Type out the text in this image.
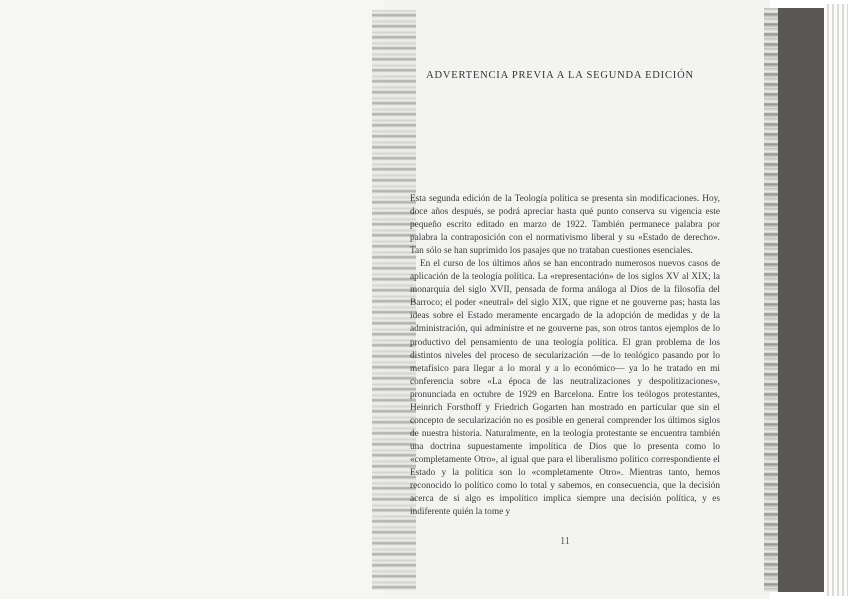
ADVERTENCIA PREVIA A LA SEGUNDA EDICIÓN

Esta segunda edición de la Teología política se presenta sin modificaciones. Hoy, doce años después, se podrá apreciar hasta qué punto conserva su vigencia este pequeño escrito editado en marzo de 1922. También permanece palabra por palabra la contraposición con el normativismo liberal y su «Estado de derecho». Tan sólo se han suprimido los pasajes que no trataban cuestiones esenciales.

En el curso de los últimos años se han encontrado numerosos nuevos casos de aplicación de la teología política. La «representación» de los siglos XV al XIX; la monarquía del siglo XVII, pensada de forma análoga al Dios de la filosofía del Barroco; el poder «neutral» del siglo XIX, que rigne et ne gouverne pas; hasta las ideas sobre el Estado meramente encargado de la adopción de medidas y de la administración, qui administre et ne gouverne pas, son otros tantos ejemplos de lo productivo del pensamiento de una teología política. El gran problema de los distintos niveles del proceso de secularización —de lo teológico pasando por lo metafísico para llegar a lo moral y a lo económico— ya lo he tratado en mi conferencia sobre «La época de las neutralizaciones y despolitizaciones», pronunciada en octubre de 1929 en Barcelona. Entre los teólogos protestantes, Heinrich Forsthoff y Friedrich Gogarten han mostrado en particular que sin el concepto de secularización no es posible en general comprender los últimos siglos de nuestra historia. Naturalmente, en la teología protestante se encuentra también una doctrina supuestamente impolítica de Dios que lo presenta como lo «completamente Otro», al igual que para el liberalismo político correspondiente el Estado y la política son lo «completamente Otro». Mientras tanto, hemos reconocido lo político como lo total y sabemos, en consecuencia, que la decisión acerca de si algo es impolítico implica siempre una decisión política, y es indiferente quién la tome y

11
